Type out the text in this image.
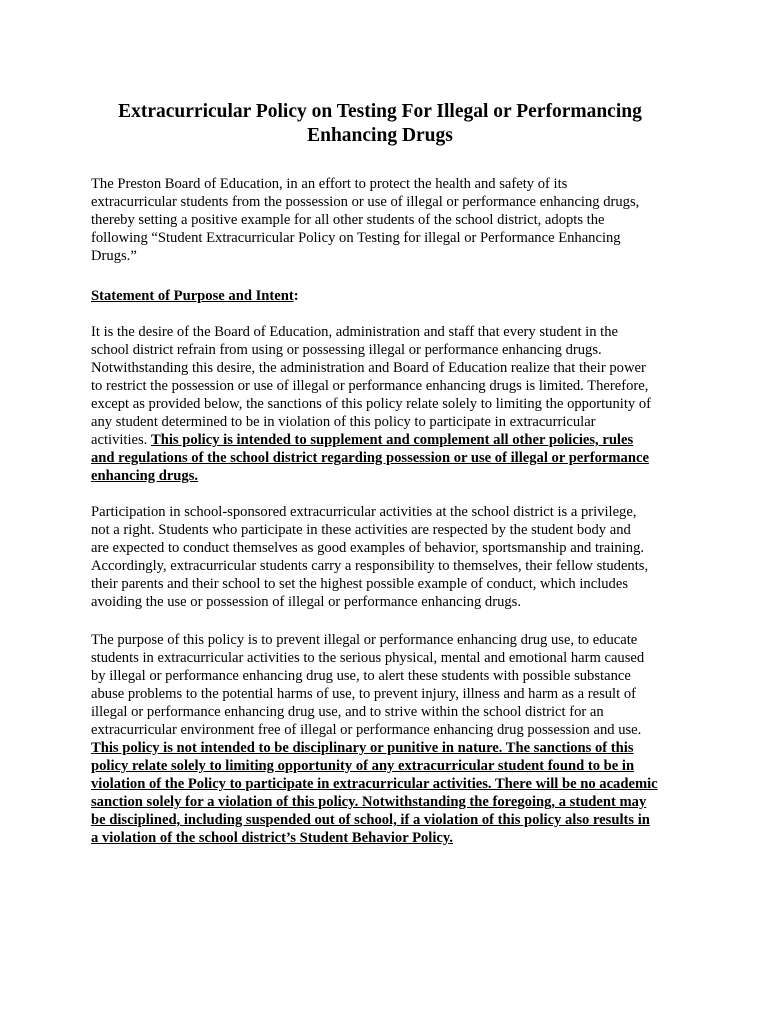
Extracurricular Policy on Testing For Illegal or Performancing
Enhancing Drugs
The Preston Board of Education, in an effort to protect the health and safety of its
extracurricular students from the possession or use of illegal or performance enhancing drugs,
thereby setting a positive example for all other students of the school district, adopts the
following “Student Extracurricular Policy on Testing for illegal or Performance Enhancing
Drugs.”
Statement of Purpose and Intent:
It is the desire of the Board of Education, administration and staff that every student in the
school district refrain from using or possessing illegal or performance enhancing drugs.
Notwithstanding this desire, the administration and Board of Education realize that their power
to restrict the possession or use of illegal or performance enhancing drugs is limited. Therefore,
except as provided below, the sanctions of this policy relate solely to limiting the opportunity of
any student determined to be in violation of this policy to participate in extracurricular
activities. This policy is intended to supplement and complement all other policies, rules
and regulations of the school district regarding possession or use of illegal or performance
enhancing drugs.
Participation in school-sponsored extracurricular activities at the school district is a privilege,
not a right. Students who participate in these activities are respected by the student body and
are expected to conduct themselves as good examples of behavior, sportsmanship and training.
Accordingly, extracurricular students carry a responsibility to themselves, their fellow students,
their parents and their school to set the highest possible example of conduct, which includes
avoiding the use or possession of illegal or performance enhancing drugs.
The purpose of this policy is to prevent illegal or performance enhancing drug use, to educate
students in extracurricular activities to the serious physical, mental and emotional harm caused
by illegal or performance enhancing drug use, to alert these students with possible substance
abuse problems to the potential harms of use, to prevent injury, illness and harm as a result of
illegal or performance enhancing drug use, and to strive within the school district for an
extracurricular environment free of illegal or performance enhancing drug possession and use.
This policy is not intended to be disciplinary or punitive in nature. The sanctions of this
policy relate solely to limiting opportunity of any extracurricular student found to be in
violation of the Policy to participate in extracurricular activities. There will be no academic
sanction solely for a violation of this policy. Notwithstanding the foregoing, a student may
be disciplined, including suspended out of school, if a violation of this policy also results in
a violation of the school district’s Student Behavior Policy.
